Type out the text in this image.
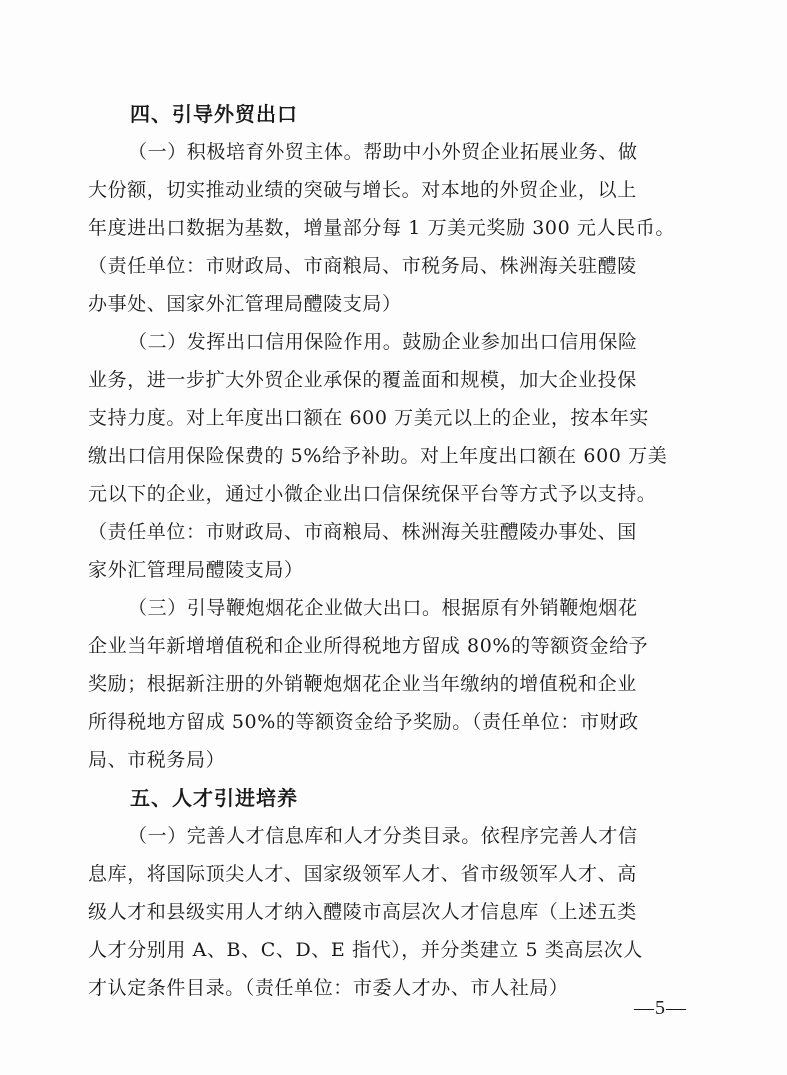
四、引导外贸出口

（一）积极培育外贸主体。帮助中小外贸企业拓展业务、做
大份额，切实推动业绩的突破与增长。对本地的外贸企业，以上
年度进出口数据为基数，增量部分每 1 万美元奖励 300 元人民币。
（责任单位：市财政局、市商粮局、市税务局、株洲海关驻醴陵
办事处、国家外汇管理局醴陵支局）

（二）发挥出口信用保险作用。鼓励企业参加出口信用保险
业务，进一步扩大外贸企业承保的覆盖面和规模，加大企业投保
支持力度。对上年度出口额在 600 万美元以上的企业，按本年实
缴出口信用保险保费的 5%给予补助。对上年度出口额在 600 万美
元以下的企业，通过小微企业出口信保统保平台等方式予以支持。
（责任单位：市财政局、市商粮局、株洲海关驻醴陵办事处、国
家外汇管理局醴陵支局）

（三）引导鞭炮烟花企业做大出口。根据原有外销鞭炮烟花
企业当年新增增值税和企业所得税地方留成 80%的等额资金给予
奖励；根据新注册的外销鞭炮烟花企业当年缴纳的增值税和企业
所得税地方留成 50%的等额资金给予奖励。（责任单位：市财政
局、市税务局）

五、人才引进培养

（一）完善人才信息库和人才分类目录。依程序完善人才信
息库，将国际顶尖人才、国家级领军人才、省市级领军人才、高
级人才和县级实用人才纳入醴陵市高层次人才信息库（上述五类
人才分别用 A、B、C、D、E 指代），并分类建立 5 类高层次人
才认定条件目录。（责任单位：市委人才办、市人社局）

—5—
